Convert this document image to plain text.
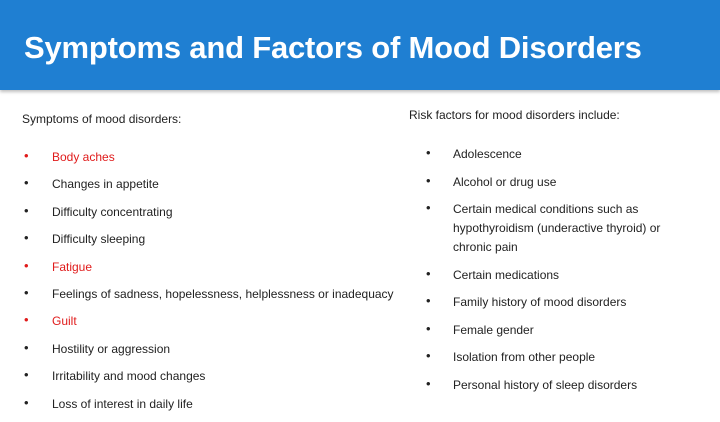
Symptoms and Factors of Mood Disorders
Symptoms of mood disorders:
• Body aches
• Changes in appetite
• Difficulty concentrating
• Difficulty sleeping
• Fatigue
• Feelings of sadness, hopelessness, helplessness or inadequacy
• Guilt
• Hostility or aggression
• Irritability and mood changes
• Loss of interest in daily life
Risk factors for mood disorders include:
• Adolescence
• Alcohol or drug use
• Certain medical conditions such as hypothyroidism (underactive thyroid) or chronic pain
• Certain medications
• Family history of mood disorders
• Female gender
• Isolation from other people
• Personal history of sleep disorders
